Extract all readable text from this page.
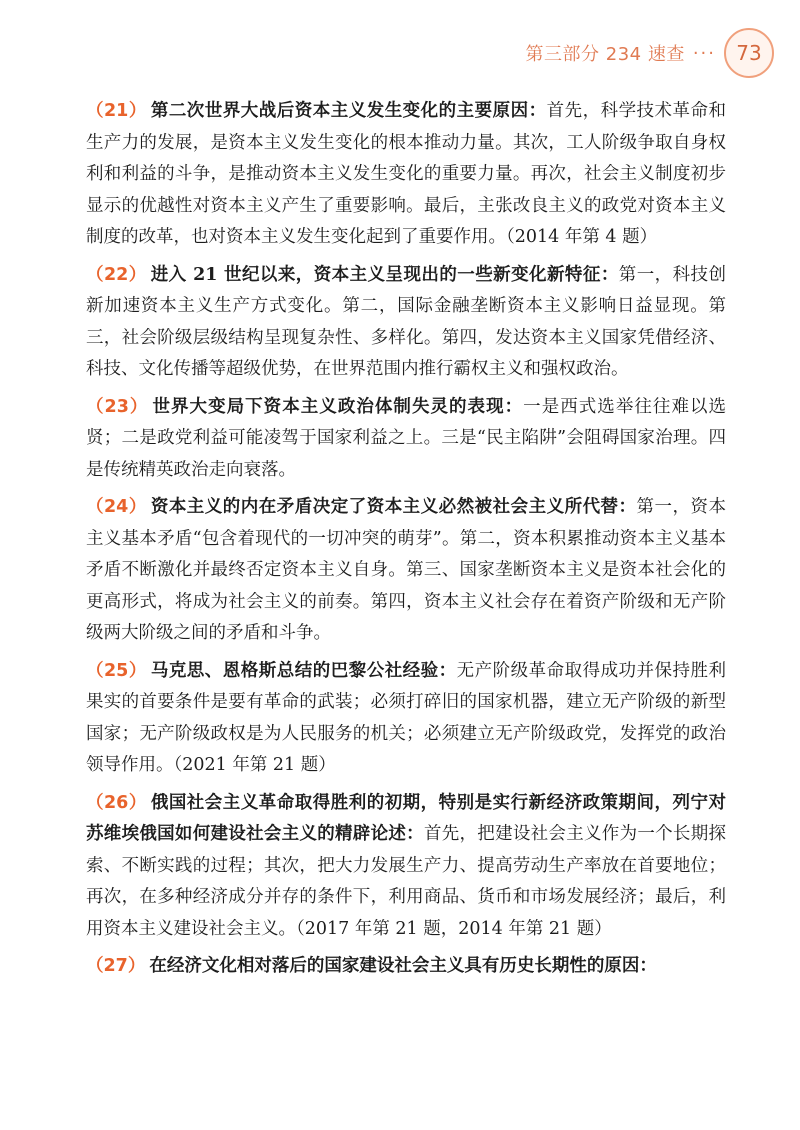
第三部分 234 速查 ···	73

（21） 第二次世界大战后资本主义发生变化的主要原因：首先，科学技术革命和生产力的发展，是资本主义发生变化的根本推动力量。其次，工人阶级争取自身权利和利益的斗争，是推动资本主义发生变化的重要力量。再次，社会主义制度初步显示的优越性对资本主义产生了重要影响。最后，主张改良主义的政党对资本主义制度的改革，也对资本主义发生变化起到了重要作用。（2014 年第 4 题）

（22） 进入 21 世纪以来，资本主义呈现出的一些新变化新特征：第一，科技创新加速资本主义生产方式变化。第二，国际金融垄断资本主义影响日益显现。第三，社会阶级层级结构呈现复杂性、多样化。第四，发达资本主义国家凭借经济、科技、文化传播等超级优势，在世界范围内推行霸权主义和强权政治。

（23） 世界大变局下资本主义政治体制失灵的表现：一是西式选举往往难以选贤；二是政党利益可能凌驾于国家利益之上。三是“民主陷阱”会阻碍国家治理。四是传统精英政治走向衰落。

（24） 资本主义的内在矛盾决定了资本主义必然被社会主义所代替：第一，资本主义基本矛盾“包含着现代的一切冲突的萌芽”。第二，资本积累推动资本主义基本矛盾不断激化并最终否定资本主义自身。第三、国家垄断资本主义是资本社会化的更高形式，将成为社会主义的前奏。第四，资本主义社会存在着资产阶级和无产阶级两大阶级之间的矛盾和斗争。

（25） 马克思、恩格斯总结的巴黎公社经验：无产阶级革命取得成功并保持胜利果实的首要条件是要有革命的武装；必须打碎旧的国家机器，建立无产阶级的新型国家；无产阶级政权是为人民服务的机关；必须建立无产阶级政党，发挥党的政治领导作用。（2021 年第 21 题）

（26） 俄国社会主义革命取得胜利的初期，特别是实行新经济政策期间，列宁对苏维埃俄国如何建设社会主义的精辟论述：首先，把建设社会主义作为一个长期探索、不断实践的过程；其次，把大力发展生产力、提高劳动生产率放在首要地位；再次，在多种经济成分并存的条件下，利用商品、货币和市场发展经济；最后，利用资本主义建设社会主义。（2017 年第 21 题，2014 年第 21 题）

（27） 在经济文化相对落后的国家建设社会主义具有历史长期性的原因：
